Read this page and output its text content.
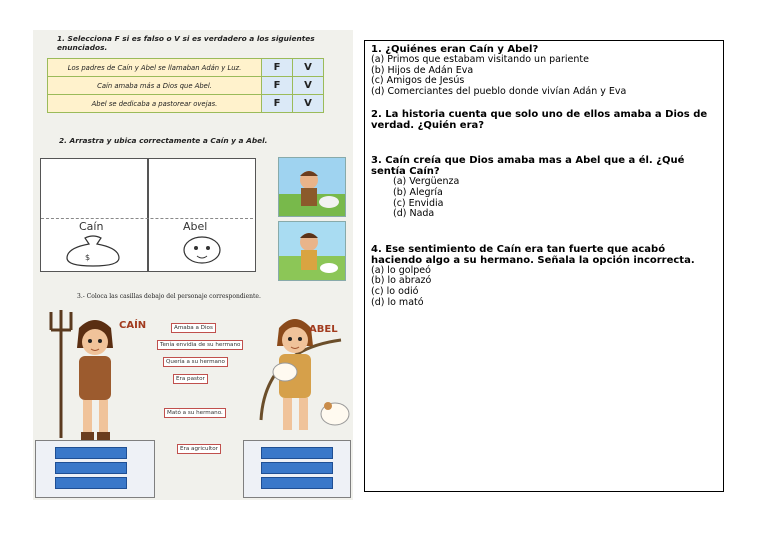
1. Selecciona F si es falso o V si es verdadero a los siguientes enunciados.
Los padres de Caín y Abel se llamaban Adán y Luz.	F	V
Caín amaba más a Dios que Abel.	F	V
Abel se dedicaba a pastorear ovejas.	F	V
2. Arrastra y ubica correctamente a Caín y a Abel.
Caín	Abel
$
3.- Coloca las casillas debajo del personaje correspondiente.
CAÍN	ABEL
Amaba a Dios
Tenía envidia de su hermano
Quería a su hermano
Era pastor
Mató a su hermano.
Era agricultor

1. ¿Quiénes eran Caín y Abel?

(a) Primos que estabam visitando un pariente

(b) Hijos de Adán Eva

(c) Amigos de Jesús

(d) Comerciantes del pueblo donde vivían Adán y Eva

2. La historia cuenta que solo uno de ellos amaba a Dios de verdad. ¿Quién era?

3. Caín creía que Dios amaba mas a Abel que a él. ¿Qué sentía Caín?

(a) Vergüenza

(b) Alegría

(c) Envidia

(d) Nada

4. Ese sentimiento de Caín era tan fuerte que acabó haciendo algo a su hermano. Señala la opción incorrecta.

(a) lo golpeó

(b) lo abrazó

(c) lo odió

(d) lo mató
